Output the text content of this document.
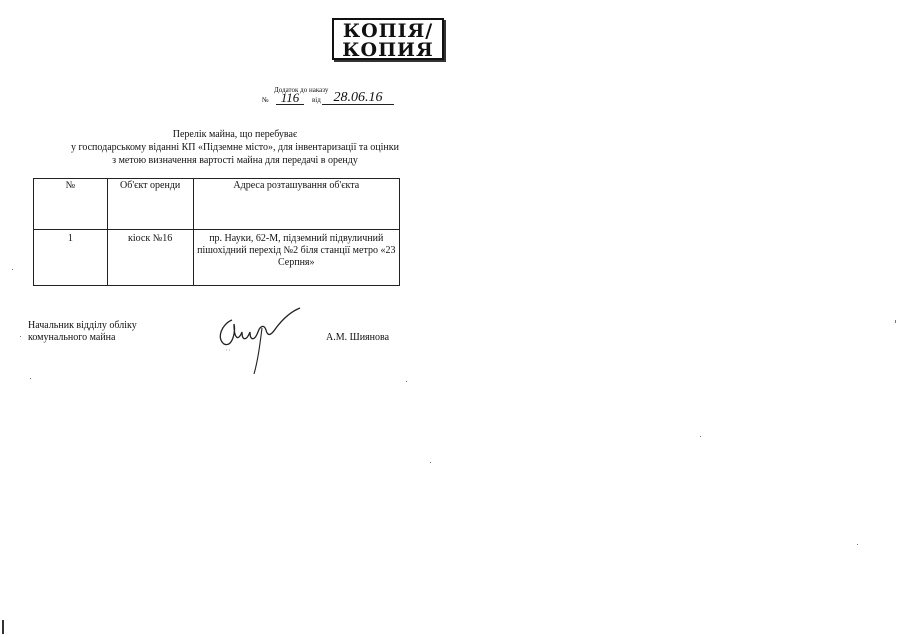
КОПІЯ/
КОПИЯ
Додаток до наказу
№ 116	від 28.06.16
Перелік майна, що перебуває
у господарському віданні КП «Підземне місто», для інвентаризації та оцінки
з метою визначення вартості майна для передачі в оренду
№	Об'єкт оренди	Адреса розташування об'єкта
1	кіоск №16	пр. Науки, 62-М, підземний підвуличний пішохідний перехід №2 біля станції метро «23 Серпня»
Начальник відділу обліку
комунального майна	А.М. Шиянова
